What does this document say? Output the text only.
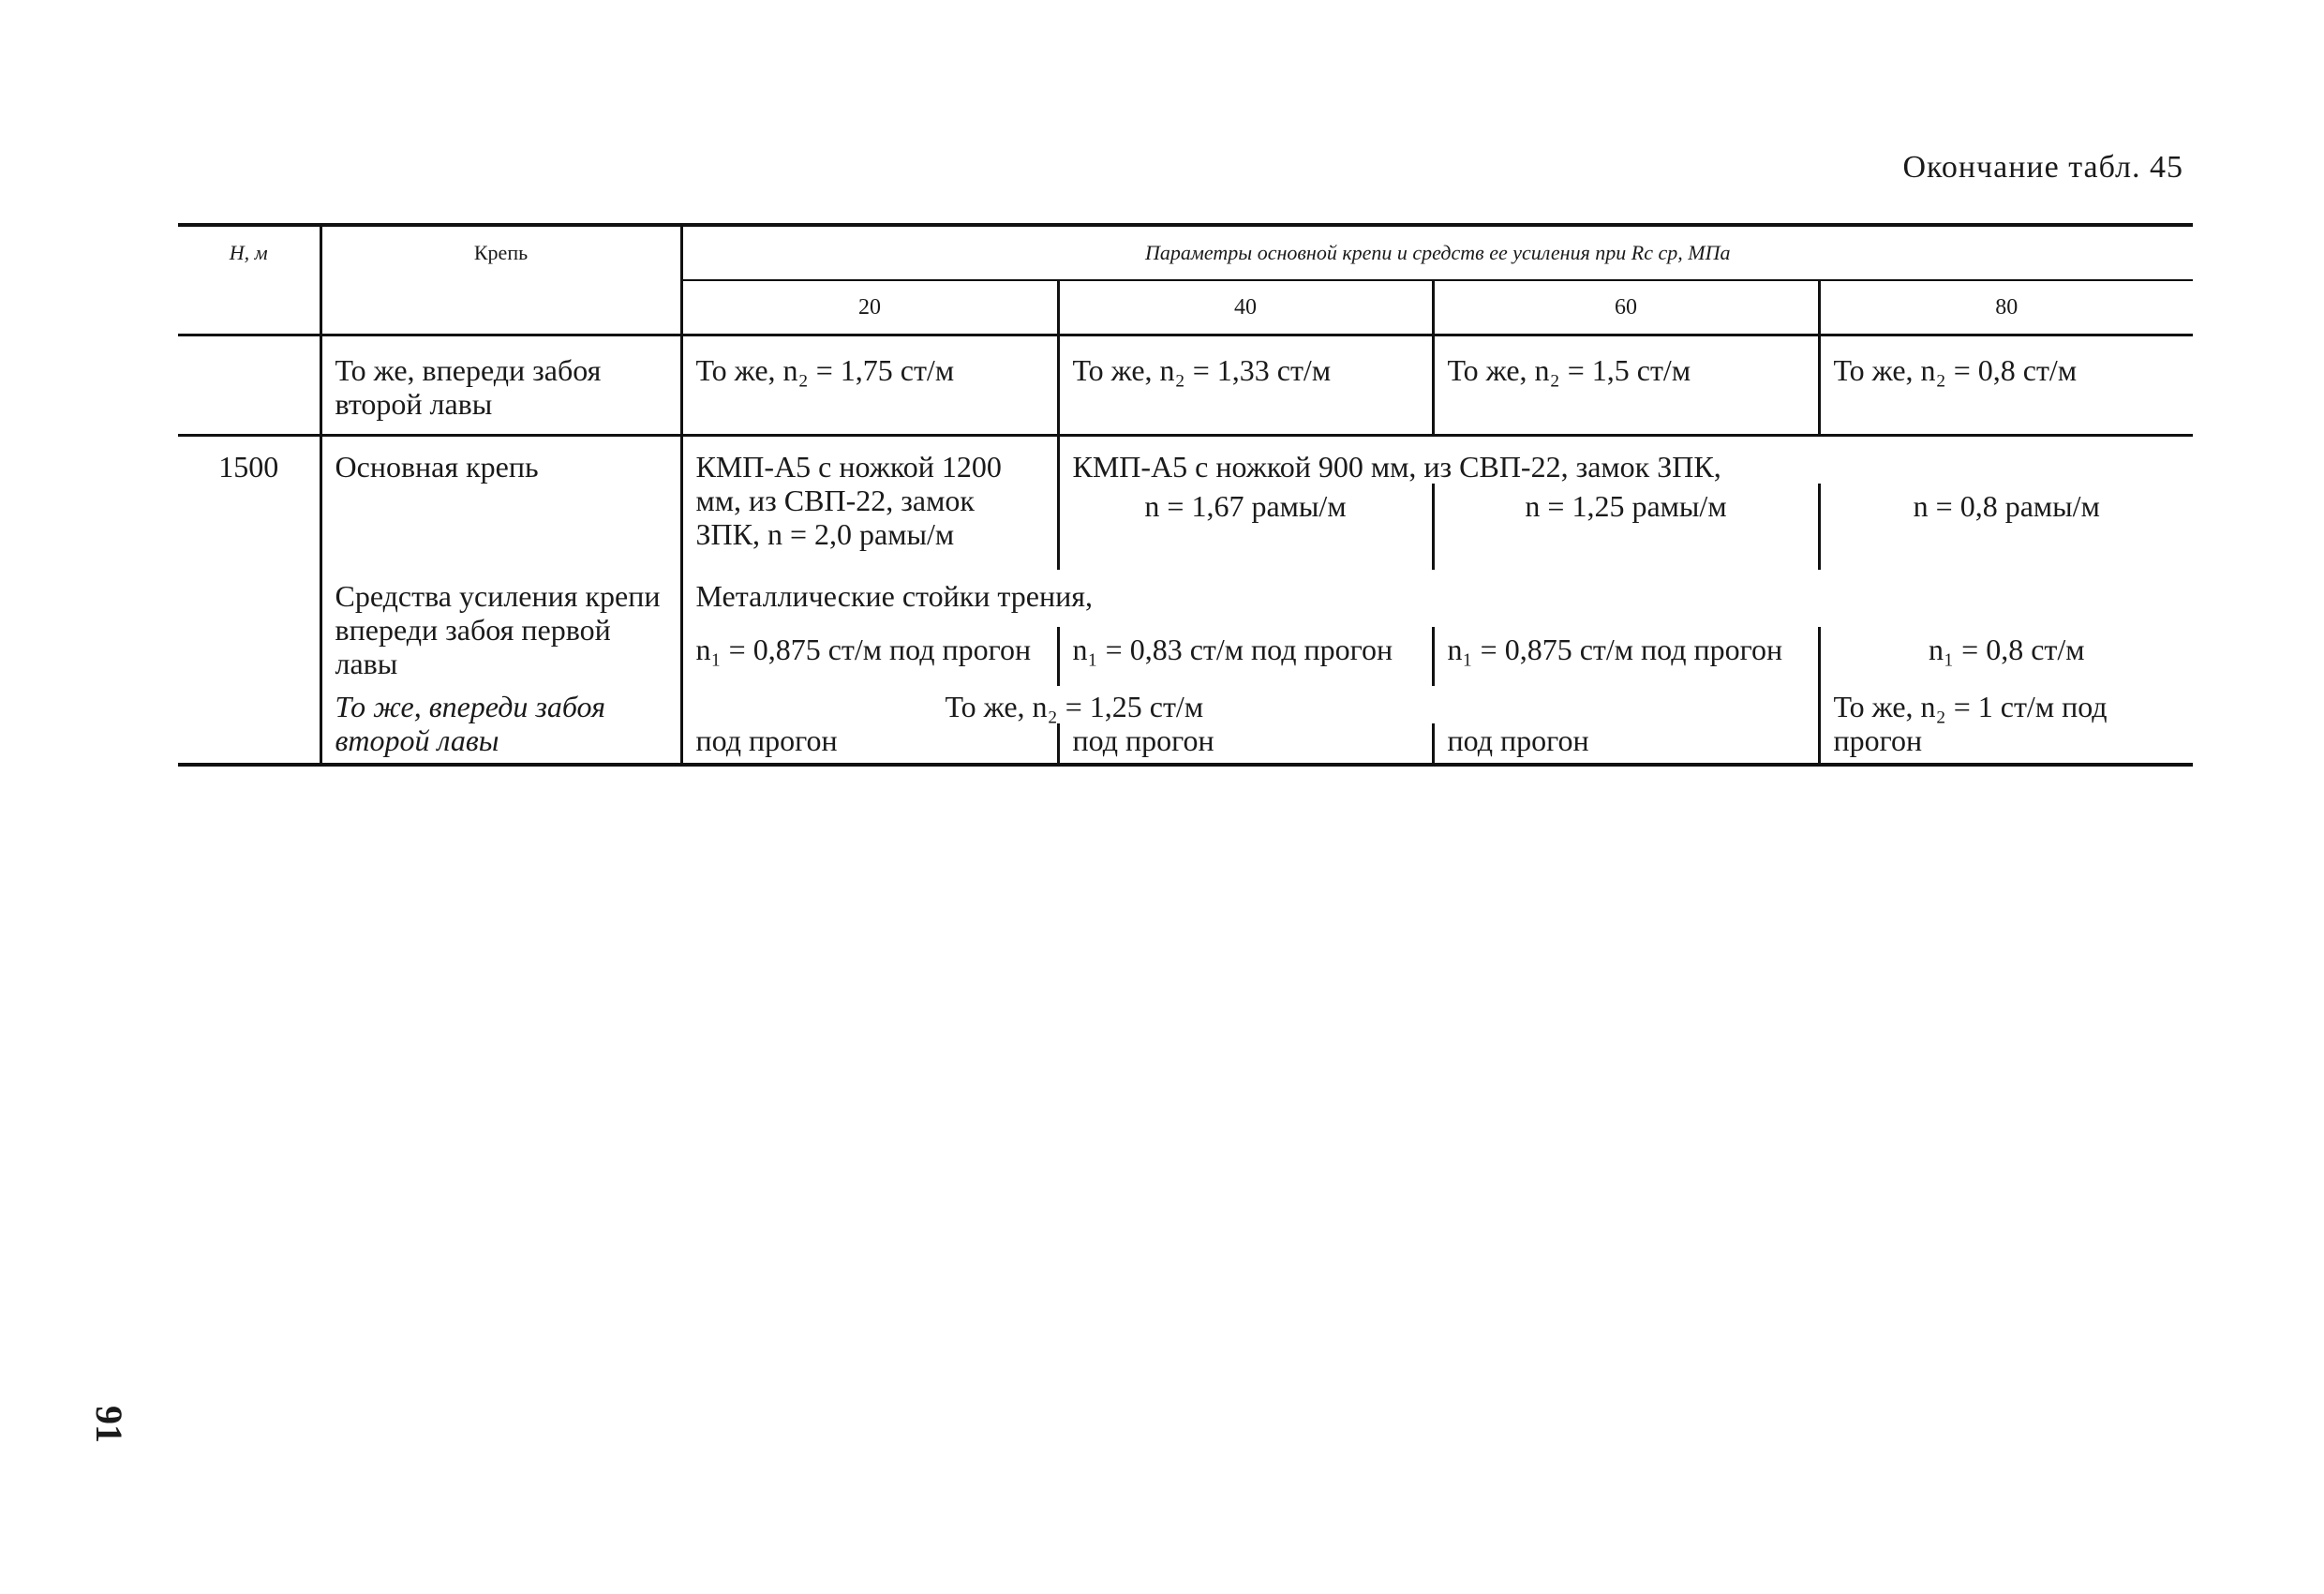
Окончание табл. 45
91
Н, м	Крепь	Параметры основной крепи и средств ее усиления при Rс ср, МПа			
		20	40	60	80
	То же, впереди забоя второй лавы	То же, n₂ = 1,75 ст/м	То же, n₂ = 1,33 ст/м	То же, n₂ = 1,5 ст/м	То же, n₂ = 0,8 ст/м
1500	Основная крепь	КМП-А5 с ножкой 1200 мм, из СВП-22, замок ЗПК, n = 2,0 рамы/м	КМП-А5 с ножкой 900 мм, из СВП-22, замок ЗПК,		
			n = 1,67 рамы/м	n = 1,25 рамы/м	n = 0,8 рамы/м
	Средства усиления крепи впереди забоя первой лавы	Металлические стойки трения,			
		n₁ = 0,875 ст/м под прогон	n₁ = 0,83 ст/м под прогон	n₁ = 0,875 ст/м под прогон	n₁ = 0,8 ст/м
	То же, впереди забоя второй лавы	То же, n₂ = 1,25 ст/м			То же, n₂ = 1 ст/м под прогон
		под прогон	под прогон	под прогон	
